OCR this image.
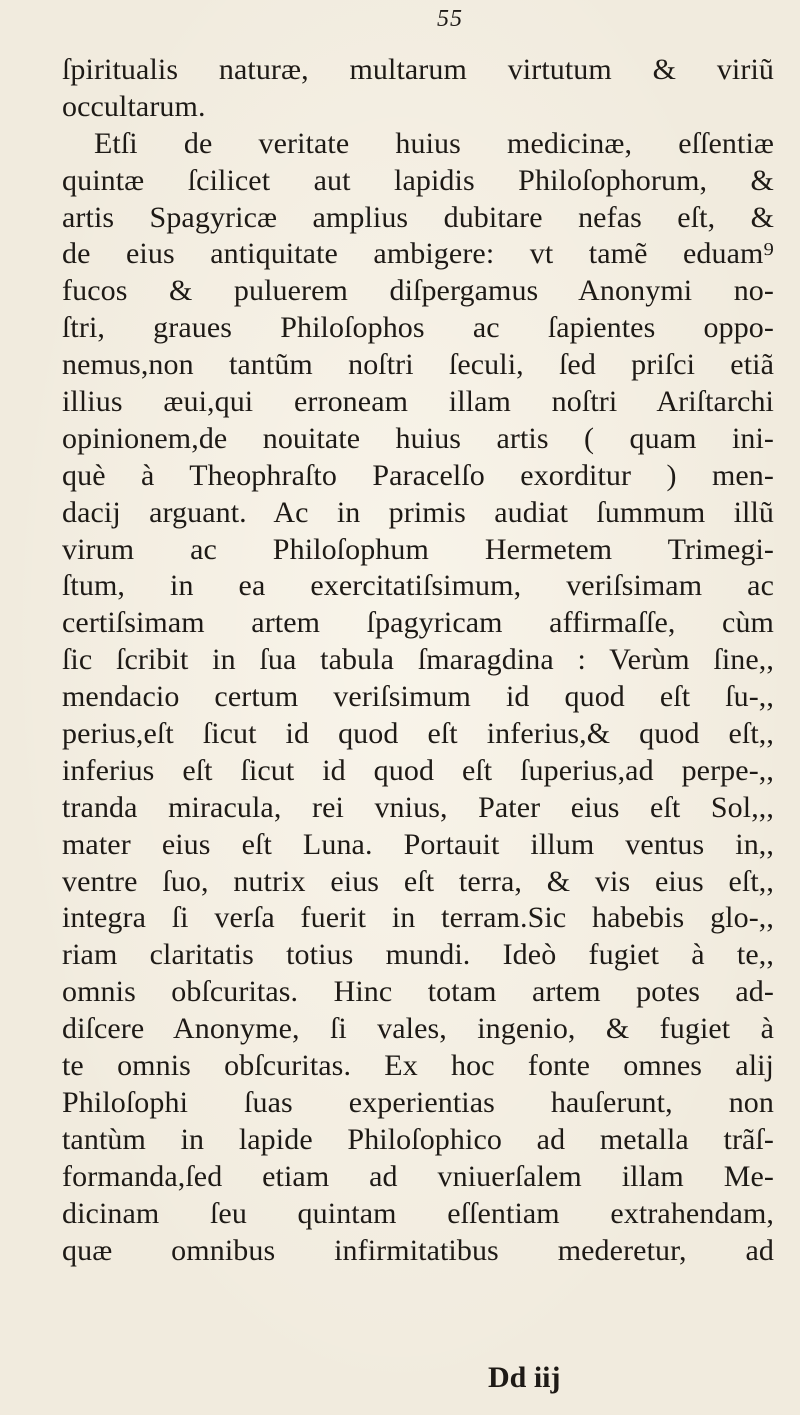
55
ſpiritualis naturæ, multarum virtutum & viriũ
occultarum.
Etſi de veritate huius medicinæ, eſſentiæ
quintæ ſcilicet aut lapidis Philoſophorum, &
artis Spagyricæ amplius dubitare nefas eſt, &
de eius antiquitate ambigere: vt tamẽ eduam⁹
fucos & puluerem diſpergamus Anonymi no-
ſtri, graues Philoſophos ac ſapientes oppo-
nemus,non tantũm noſtri ſeculi, ſed priſci etiã
illius æui,qui erroneam illam noſtri Ariſtarchi
opinionem,de nouitate huius artis ( quam ini-
què à Theophraſto Paracelſo exorditur ) men-
dacij arguant. Ac in primis audiat ſummum illũ
virum ac Philoſophum Hermetem Trimegi-
ſtum, in ea exercitatiſsimum, veriſsimam ac
certiſsimam artem ſpagyricam affirmaſſe, cùm
ſic ſcribit in ſua tabula ſmaragdina : Verùm ſine,,
mendacio certum veriſsimum id quod eſt ſu-,,
perius,eſt ſicut id quod eſt inferius,& quod eſt,,
inferius eſt ſicut id quod eſt ſuperius,ad perpe-,,
tranda miracula, rei vnius, Pater eius eſt Sol,,,
mater eius eſt Luna. Portauit illum ventus in,,
ventre ſuo, nutrix eius eſt terra, & vis eius eſt,,
integra ſi verſa fuerit in terram.Sic habebis glo-,,
riam claritatis totius mundi. Ideò fugiet à te,,
omnis obſcuritas. Hinc totam artem potes ad-
diſcere Anonyme, ſi vales, ingenio, & fugiet à
te omnis obſcuritas. Ex hoc fonte omnes alij
Philoſophi ſuas experientias hauſerunt, non
tantùm in lapide Philoſophico ad metalla trãſ-
formanda,ſed etiam ad vniuerſalem illam Me-
dicinam ſeu quintam eſſentiam extrahendam,
quæ omnibus infirmitatibus mederetur, ad
Dd iij
